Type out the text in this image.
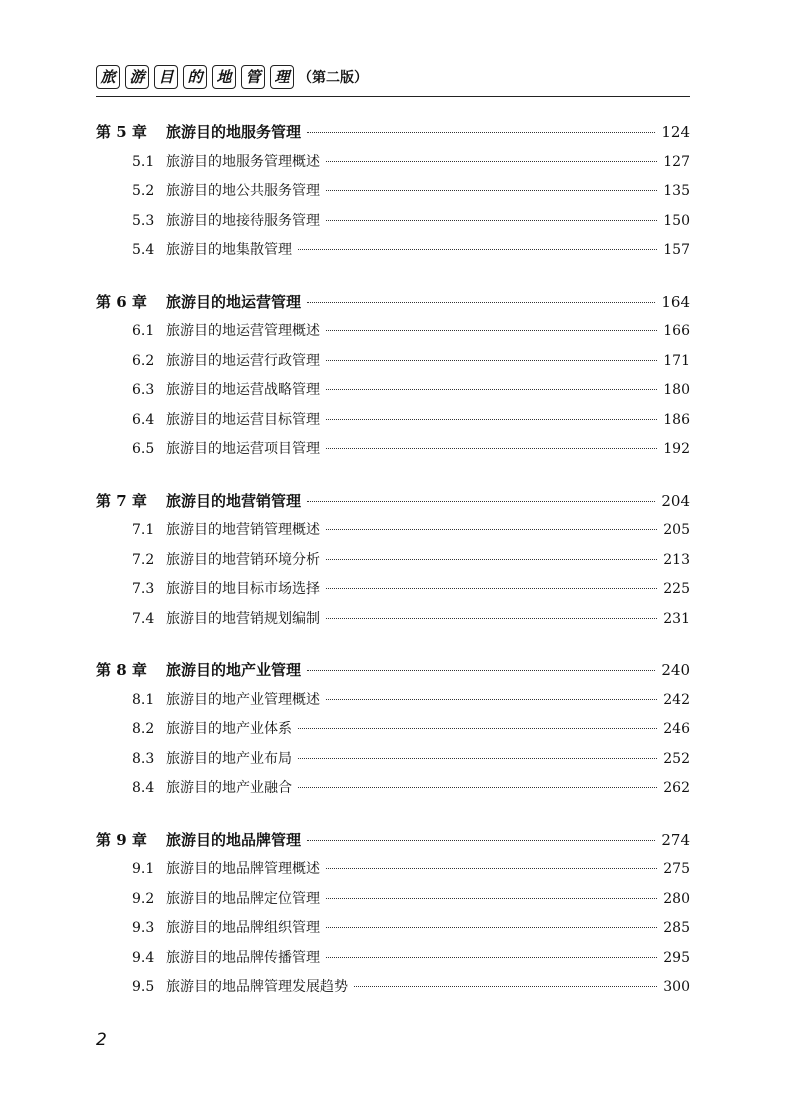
旅 游 目 的 地 管 理 （第二版）
第 5 章	旅游目的地服务管理	124
5.1 旅游目的地服务管理概述	127
5.2 旅游目的地公共服务管理	135
5.3 旅游目的地接待服务管理	150
5.4 旅游目的地集散管理	157
第 6 章	旅游目的地运营管理	164
6.1 旅游目的地运营管理概述	166
6.2 旅游目的地运营行政管理	171
6.3 旅游目的地运营战略管理	180
6.4 旅游目的地运营目标管理	186
6.5 旅游目的地运营项目管理	192
第 7 章	旅游目的地营销管理	204
7.1 旅游目的地营销管理概述	205
7.2 旅游目的地营销环境分析	213
7.3 旅游目的地目标市场选择	225
7.4 旅游目的地营销规划编制	231
第 8 章	旅游目的地产业管理	240
8.1 旅游目的地产业管理概述	242
8.2 旅游目的地产业体系	246
8.3 旅游目的地产业布局	252
8.4 旅游目的地产业融合	262
第 9 章	旅游目的地品牌管理	274
9.1 旅游目的地品牌管理概述	275
9.2 旅游目的地品牌定位管理	280
9.3 旅游目的地品牌组织管理	285
9.4 旅游目的地品牌传播管理	295
9.5 旅游目的地品牌管理发展趋势	300
2
